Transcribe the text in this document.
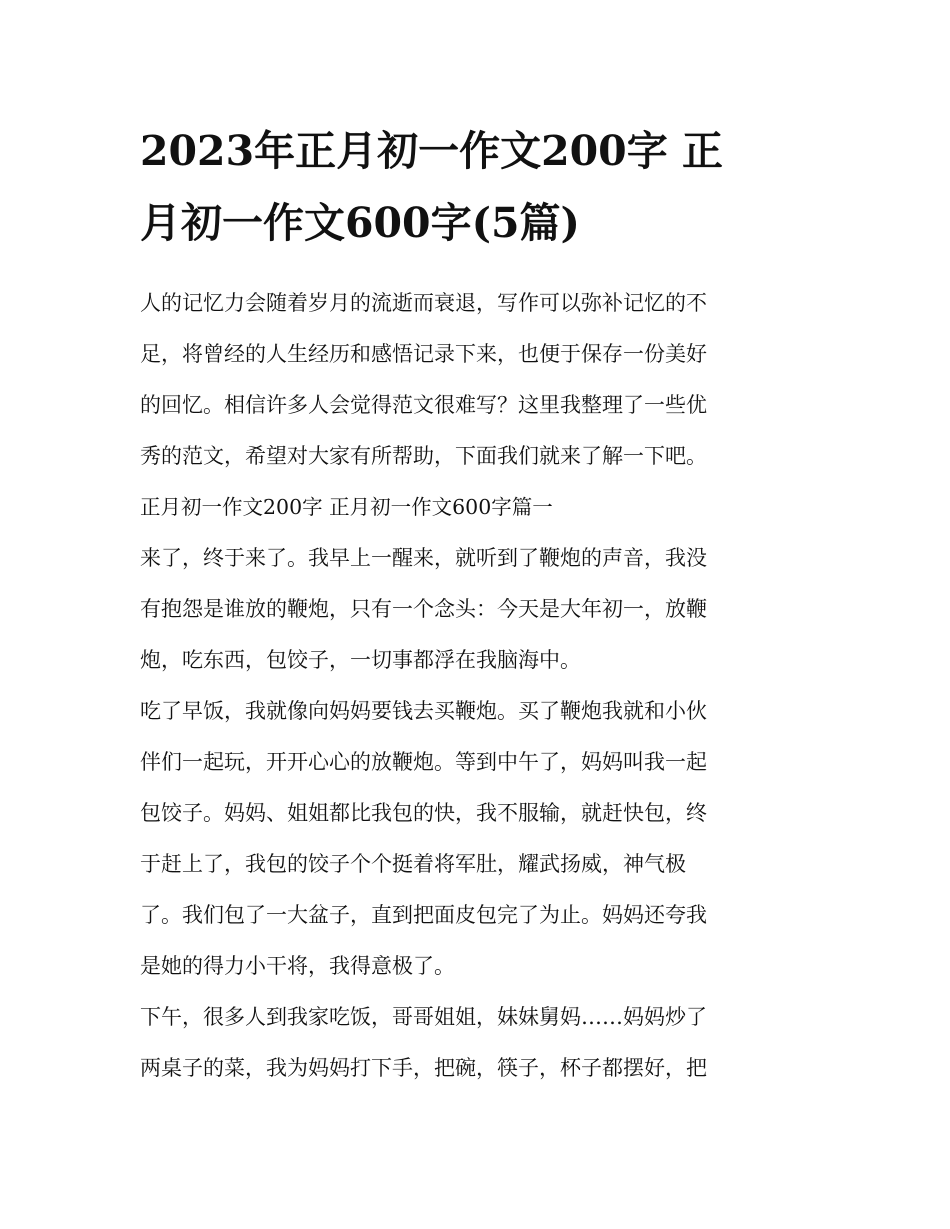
2023年正月初一作文200字 正
月初一作文600字(5篇)
人的记忆力会随着岁月的流逝而衰退，写作可以弥补记忆的不
足，将曾经的人生经历和感悟记录下来，也便于保存一份美好
的回忆。相信许多人会觉得范文很难写？这里我整理了一些优
秀的范文，希望对大家有所帮助，下面我们就来了解一下吧。
正月初一作文200字 正月初一作文600字篇一
来了，终于来了。我早上一醒来，就听到了鞭炮的声音，我没
有抱怨是谁放的鞭炮，只有一个念头：今天是大年初一，放鞭
炮，吃东西，包饺子，一切事都浮在我脑海中。
吃了早饭，我就像向妈妈要钱去买鞭炮。买了鞭炮我就和小伙
伴们一起玩，开开心心的放鞭炮。等到中午了，妈妈叫我一起
包饺子。妈妈、姐姐都比我包的快，我不服输，就赶快包，终
于赶上了，我包的饺子个个挺着将军肚，耀武扬威，神气极
了。我们包了一大盆子，直到把面皮包完了为止。妈妈还夸我
是她的得力小干将，我得意极了。
下午，很多人到我家吃饭，哥哥姐姐，妹妹舅妈……妈妈炒了
两桌子的菜，我为妈妈打下手，把碗，筷子，杯子都摆好，把
